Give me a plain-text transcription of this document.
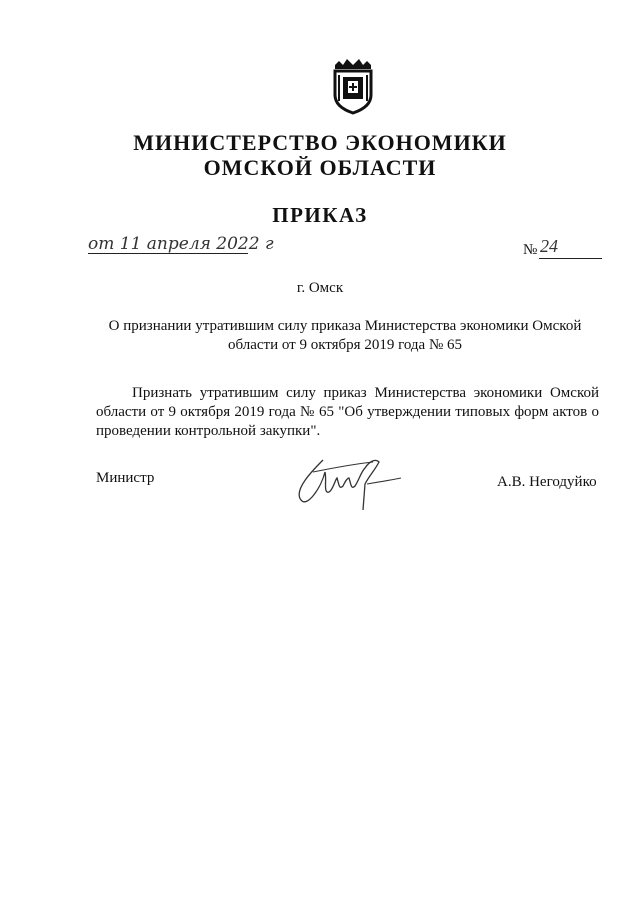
МИНИСТЕРСТВО ЭКОНОМИКИ
ОМСКОЙ ОБЛАСТИ
ПРИКАЗ
от 11 апреля 2022 г	№ 24
г. Омск
О признании утратившим силу приказа Министерства экономики Омской области от 9 октября 2019 года № 65
Признать утратившим силу приказ Министерства экономики Омской области от 9 октября 2019 года № 65 "Об утверждении типовых форм актов о проведении контрольной закупки".
Министр	А.В. Негодуйко
